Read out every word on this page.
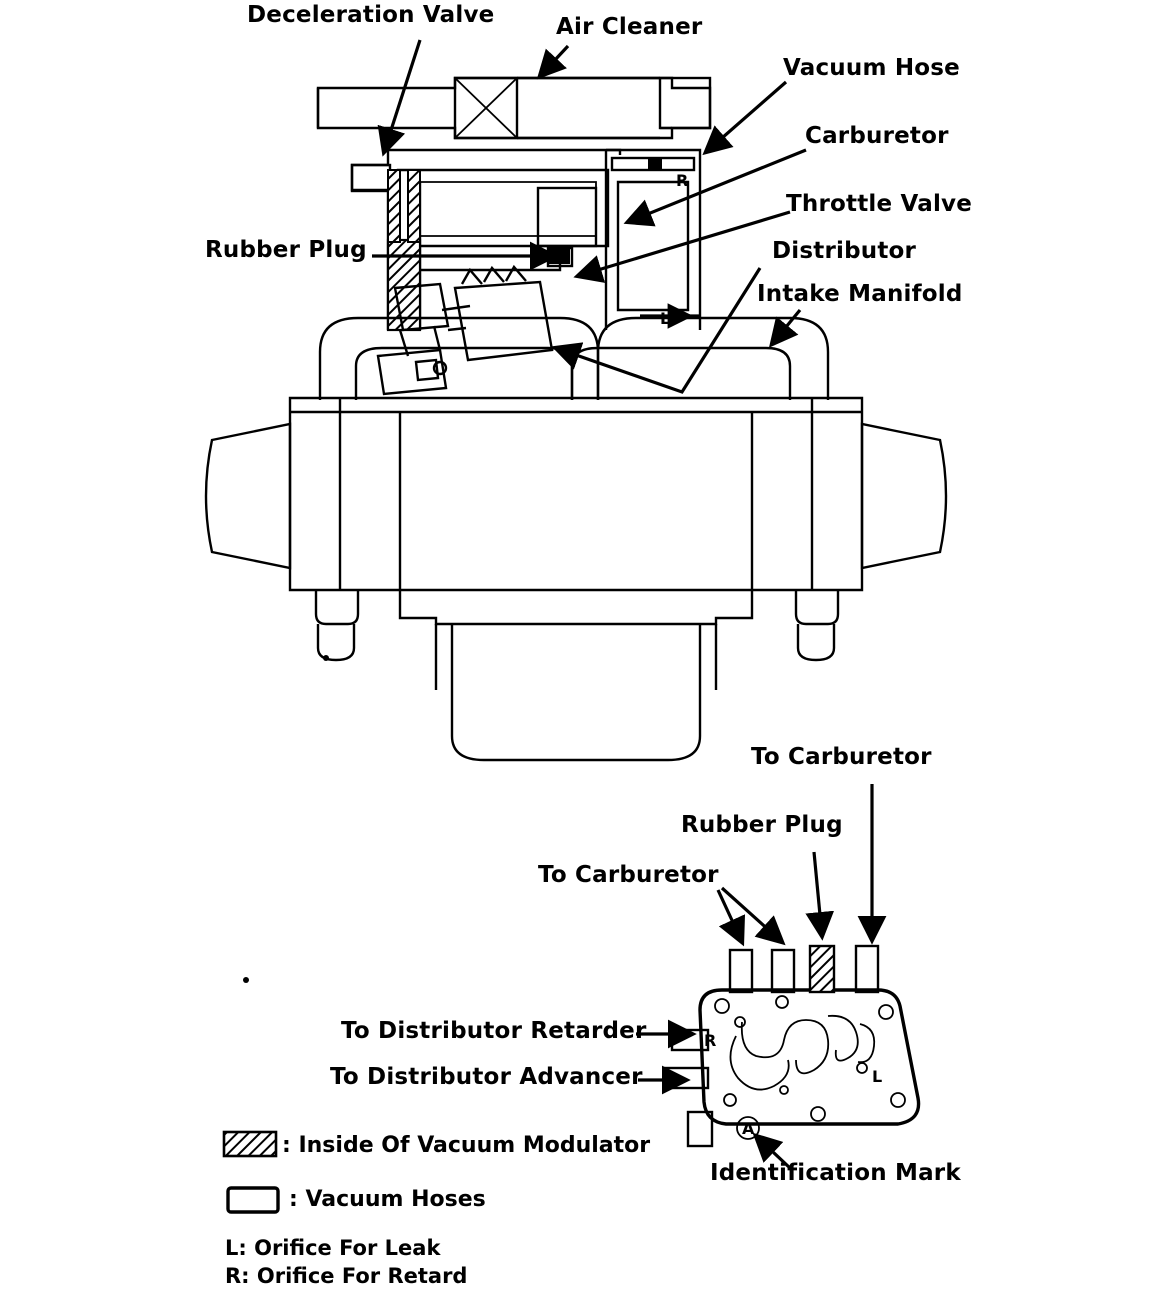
R
L
R
L
A
Deceleration Valve	Air Cleaner
Vacuum Hose
Carburetor
Throttle Valve
Distributor
Intake Manifold
Rubber Plug
To Carburetor
Rubber Plug
To Carburetor
To Distributor Retarder
To Distributor Advancer
Identification Mark
: Inside Of Vacuum Modulator
: Vacuum Hoses
L: Orifice For Leak
R: Orifice For Retard
